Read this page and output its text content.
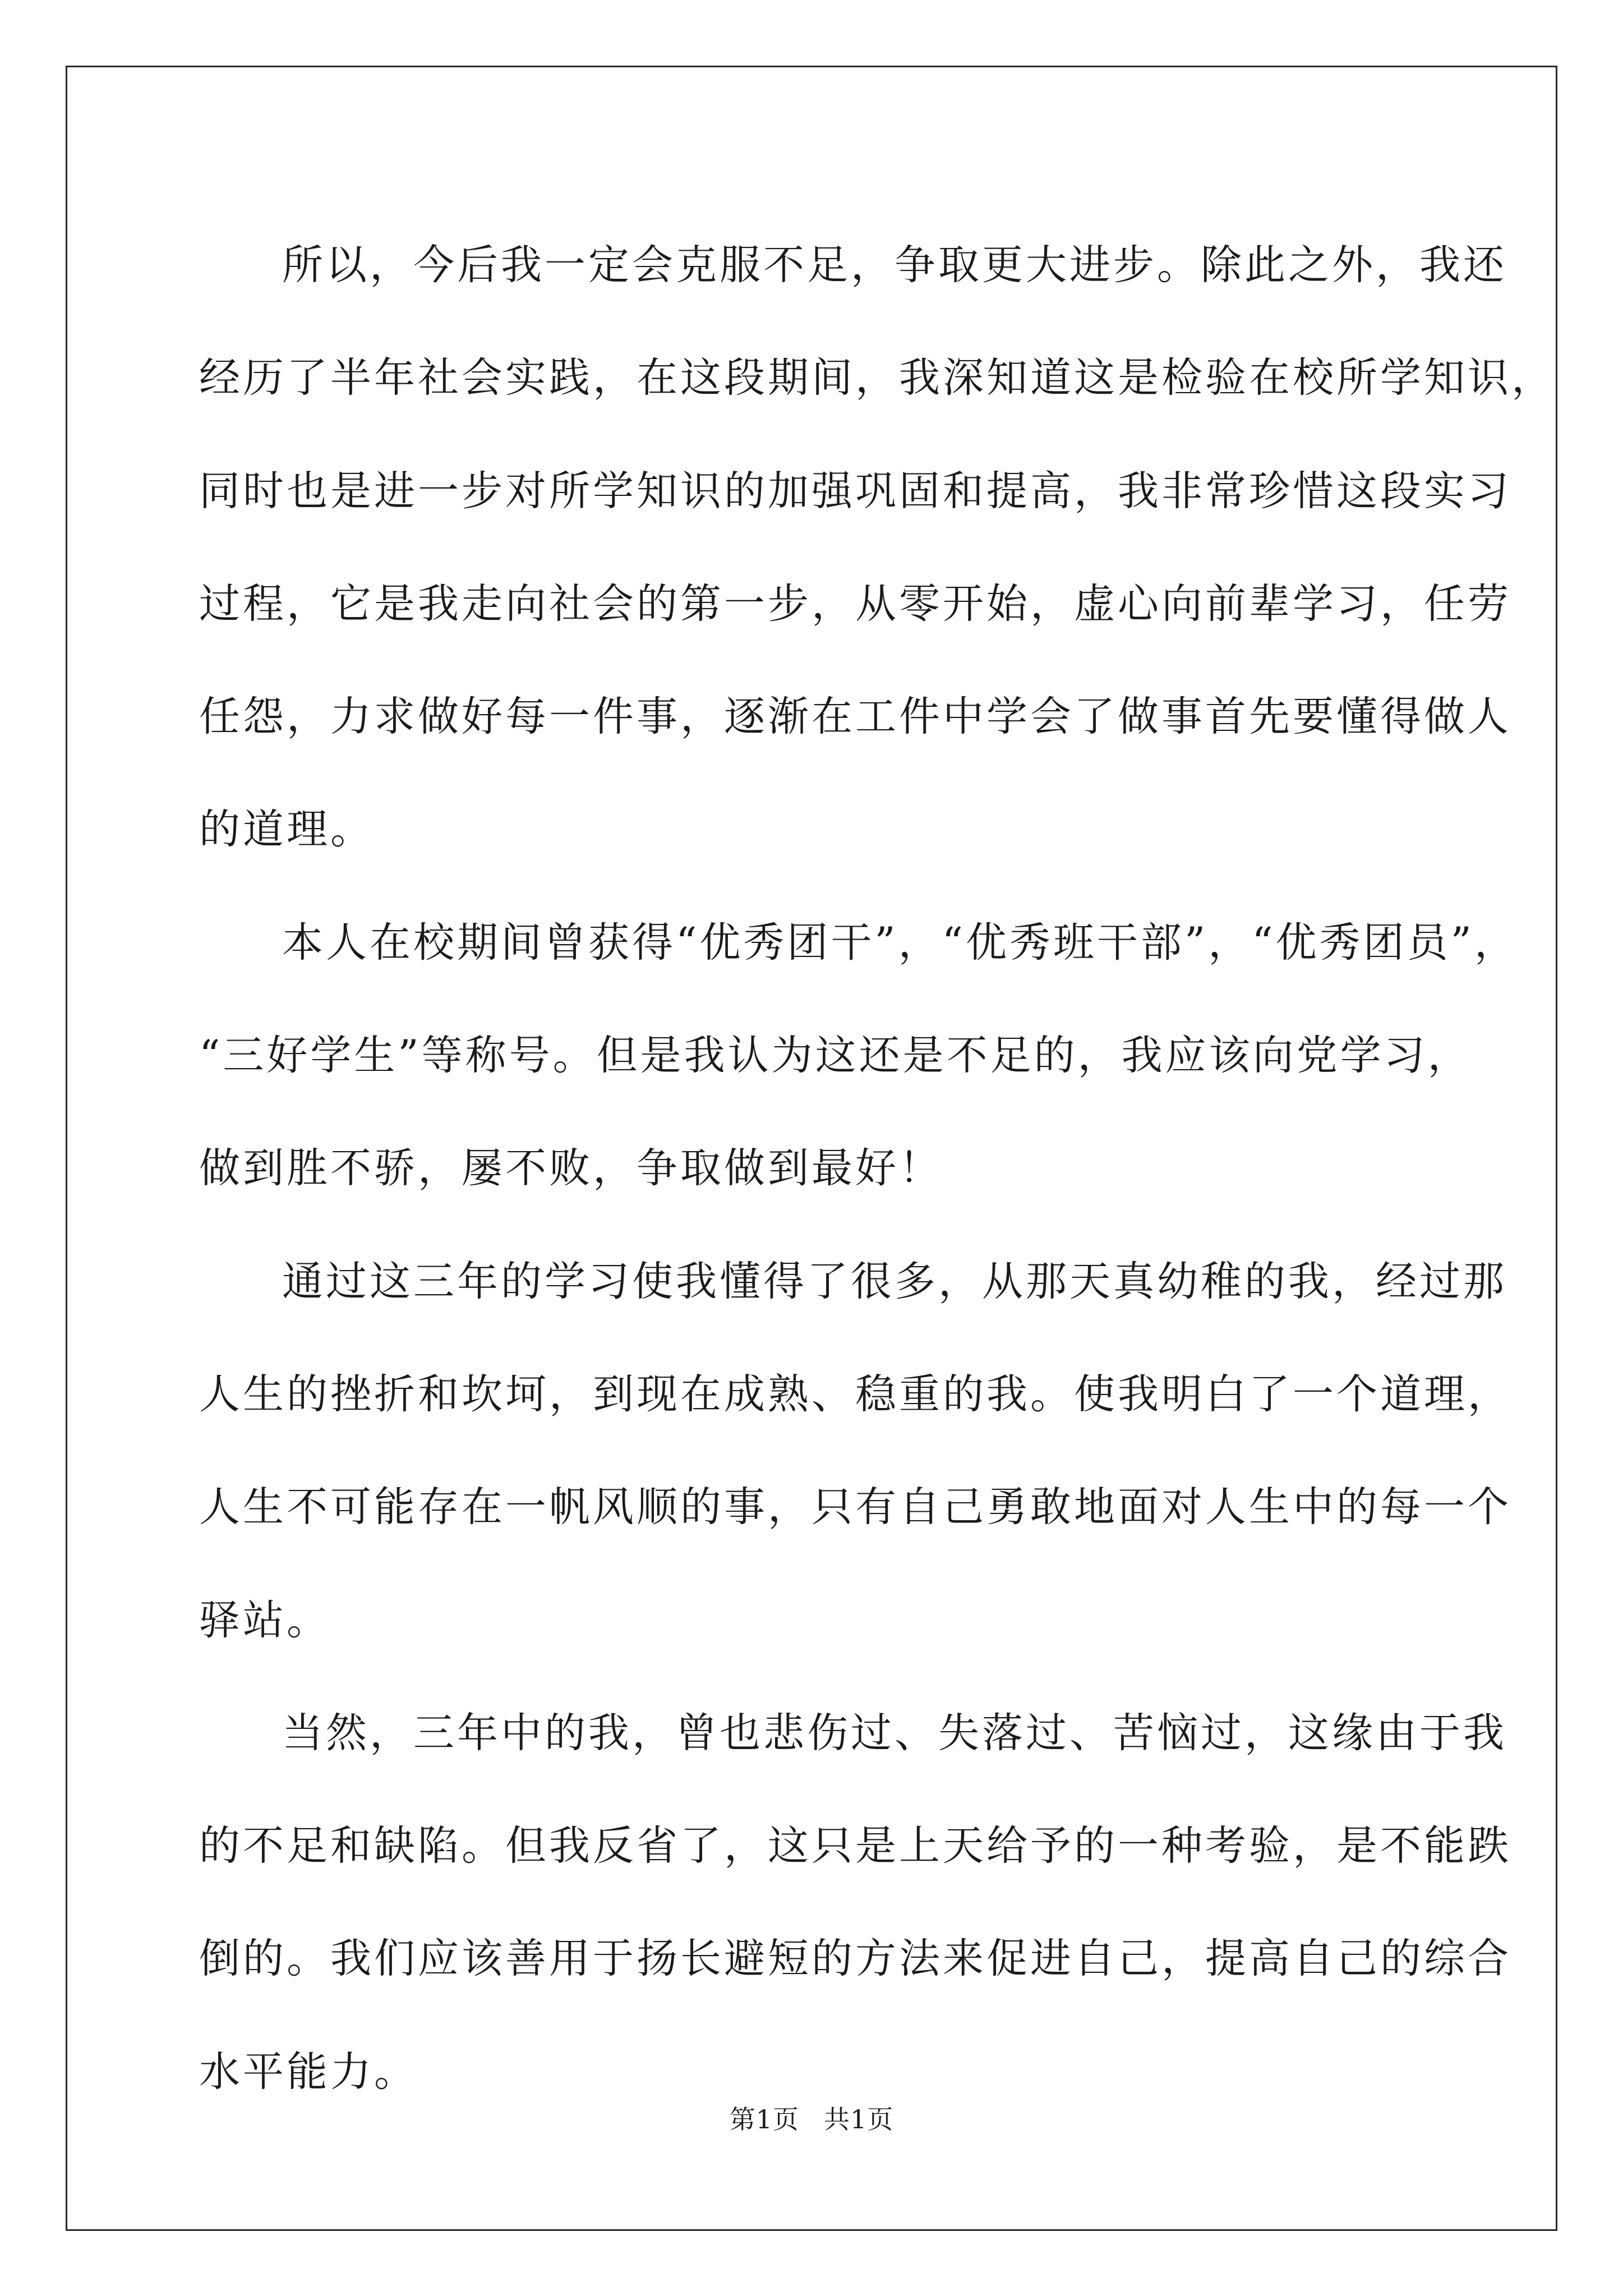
所以，今后我一定会克服不足，争取更大进步。除此之外，我还
经历了半年社会实践，在这段期间，我深知道这是检验在校所学知识，
同时也是进一步对所学知识的加强巩固和提高，我非常珍惜这段实习
过程，它是我走向社会的第一步，从零开始，虚心向前辈学习，任劳
任怨，力求做好每一件事，逐渐在工件中学会了做事首先要懂得做人
的道理。
本人在校期间曾获得“优秀团干”，“优秀班干部”，“优秀团员”，
“三好学生”等称号。但是我认为这还是不足的，我应该向党学习，
做到胜不骄，屡不败，争取做到最好！
通过这三年的学习使我懂得了很多，从那天真幼稚的我，经过那
人生的挫折和坎坷，到现在成熟、稳重的我。使我明白了一个道理，
人生不可能存在一帆风顺的事，只有自己勇敢地面对人生中的每一个
驿站。
当然，三年中的我，曾也悲伤过、失落过、苦恼过，这缘由于我
的不足和缺陷。但我反省了，这只是上天给予的一种考验，是不能跌
倒的。我们应该善用于扬长避短的方法来促进自己，提高自己的综合
水平能力。
第1页 共1页
